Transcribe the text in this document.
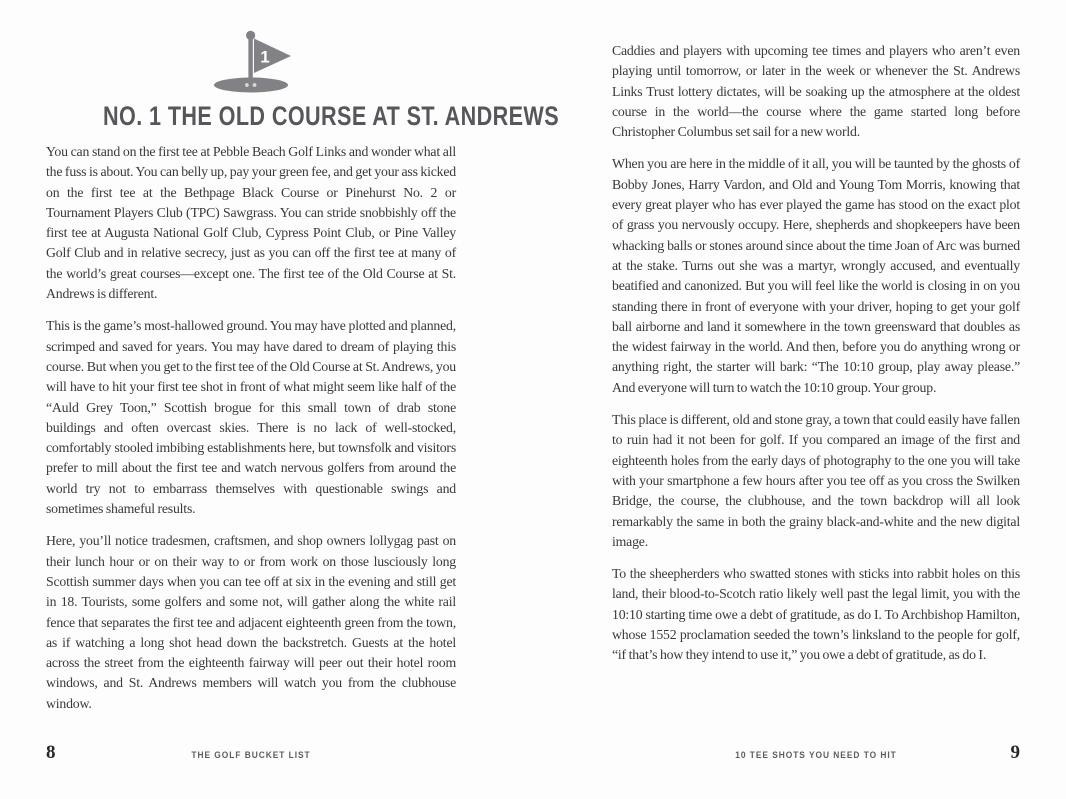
1
NO. 1 THE OLD COURSE AT ST. ANDREWS

You can stand on the first tee at Pebble Beach Golf Links and wonder what all the fuss is about. You can belly up, pay your green fee, and get your ass kicked on the first tee at the Bethpage Black Course or Pinehurst No. 2 or Tournament Players Club (TPC) Sawgrass. You can stride snobbishly off the first tee at Augusta National Golf Club, Cypress Point Club, or Pine Valley Golf Club and in relative secrecy, just as you can off the first tee at many of the world’s great courses—except one. The first tee of the Old Course at St. Andrews is different.

This is the game’s most-hallowed ground. You may have plotted and planned, scrimped and saved for years. You may have dared to dream of playing this course. But when you get to the first tee of the Old Course at St. Andrews, you will have to hit your first tee shot in front of what might seem like half of the “Auld Grey Toon,” Scottish brogue for this small town of drab stone buildings and often overcast skies. There is no lack of well-stocked, comfortably stooled imbibing establishments here, but townsfolk and visitors prefer to mill about the first tee and watch nervous golfers from around the world try not to embarrass themselves with questionable swings and sometimes shameful results.

Here, you’ll notice tradesmen, craftsmen, and shop owners lollygag past on their lunch hour or on their way to or from work on those lusciously long Scottish summer days when you can tee off at six in the evening and still get in 18. Tourists, some golfers and some not, will gather along the white rail fence that separates the first tee and adjacent eighteenth green from the town, as if watching a long shot head down the backstretch. Guests at the hotel across the street from the eighteenth fairway will peer out their hotel room windows, and St. Andrews members will watch you from the clubhouse window.

Caddies and players with upcoming tee times and players who aren’t even playing until tomorrow, or later in the week or whenever the St. Andrews Links Trust lottery dictates, will be soaking up the atmosphere at the oldest course in the world—the course where the game started long before Christopher Columbus set sail for a new world.

When you are here in the middle of it all, you will be taunted by the ghosts of Bobby Jones, Harry Vardon, and Old and Young Tom Morris, knowing that every great player who has ever played the game has stood on the exact plot of grass you nervously occupy. Here, shepherds and shopkeepers have been whacking balls or stones around since about the time Joan of Arc was burned at the stake. Turns out she was a martyr, wrongly accused, and eventually beatified and canonized. But you will feel like the world is closing in on you standing there in front of everyone with your driver, hoping to get your golf ball airborne and land it somewhere in the town greensward that doubles as the widest fairway in the world. And then, before you do anything wrong or anything right, the starter will bark: “The 10:10 group, play away please.” And everyone will turn to watch the 10:10 group. Your group.

This place is different, old and stone gray, a town that could easily have fallen to ruin had it not been for golf. If you compared an image of the first and eighteenth holes from the early days of photography to the one you will take with your smartphone a few hours after you tee off as you cross the Swilken Bridge, the course, the clubhouse, and the town backdrop will all look remarkably the same in both the grainy black-and-white and the new digital image.

To the sheepherders who swatted stones with sticks into rabbit holes on this land, their blood-to-Scotch ratio likely well past the legal limit, you with the 10:10 starting time owe a debt of gratitude, as do I. To Archbishop Hamilton, whose 1552 proclamation seeded the town’s linksland to the people for golf, “if that’s how they intend to use it,” you owe a debt of gratitude, as do I.

8	THE GOLF BUCKET LIST	10 TEE SHOTS YOU NEED TO HIT	9
